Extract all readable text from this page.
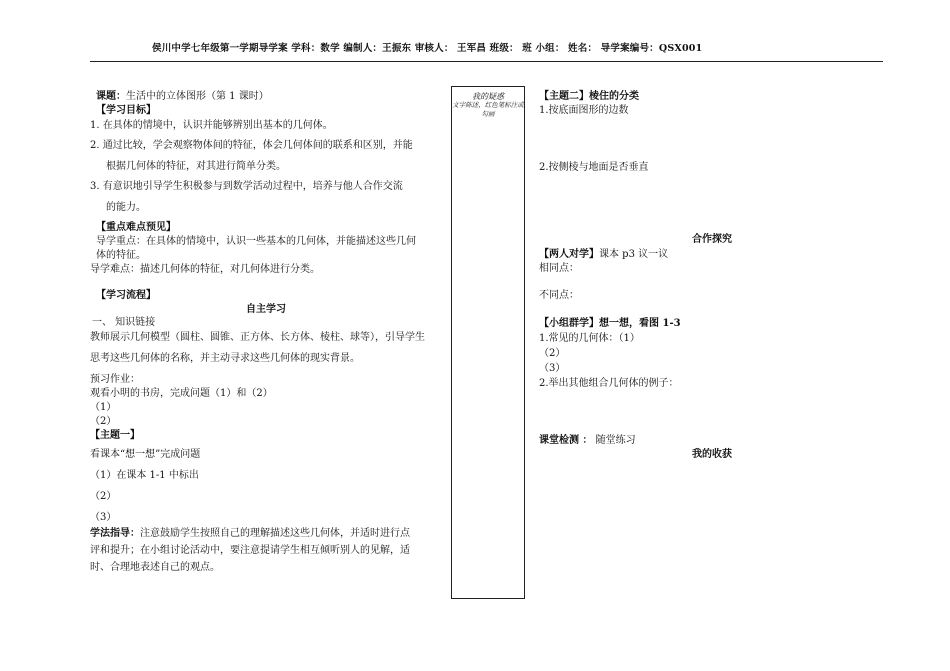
侯川中学七年级第一学期导学案 学科：数学 编制人：王振东 审核人： 王军昌 班级： 班 小组： 姓名： 导学案编号：QSX001
课题：生活中的立体图形（第 1 课时）
【学习目标】
1. 在具体的情境中，认识并能够辨别出基本的几何体。
2. 通过比较，学会观察物体间的特征，体会几何体间的联系和区别，并能
根据几何体的特征，对其进行简单分类。
3. 有意识地引导学生积极参与到数学活动过程中，培养与他人合作交流
的能力。
【重点难点预见】
导学重点：在具体的情境中，认识一些基本的几何体，并能描述这些几何
体的特征。
导学难点：描述几何体的特征，对几何体进行分类。
【学习流程】
自主学习
一、 知识链接
教师展示几何模型（圆柱、圆锥、正方体、长方体、棱柱、球等），引导学生
思考这些几何体的名称，并主动寻求这些几何体的现实背景。
预习作业：
观看小明的书房，完成问题（1）和（2）
（1）
（2）
【主题一】
看课本“想一想”完成问题
（1）在课本 1-1 中标出
（2）
（3）
学法指导：注意鼓励学生按照自己的理解描述这些几何体，并适时进行点
评和提升；在小组讨论活动中，要注意提请学生相互倾听别人的见解，适
时、合理地表述自己的观点。
我的疑惑
文字陈述，红色笔标注或勾画
【主题二】棱住的分类
1.按底面图形的边数
2.按侧棱与地面是否垂直
合作探究
【两人对学】课本 p3 议一议
相同点：
不同点：
【小组群学】想一想，看图 1-3
1.常见的几何体：（1）
（2）
（3）
2.举出其他组合几何体的例子：
课堂检测 ： 随堂练习
我的收获
